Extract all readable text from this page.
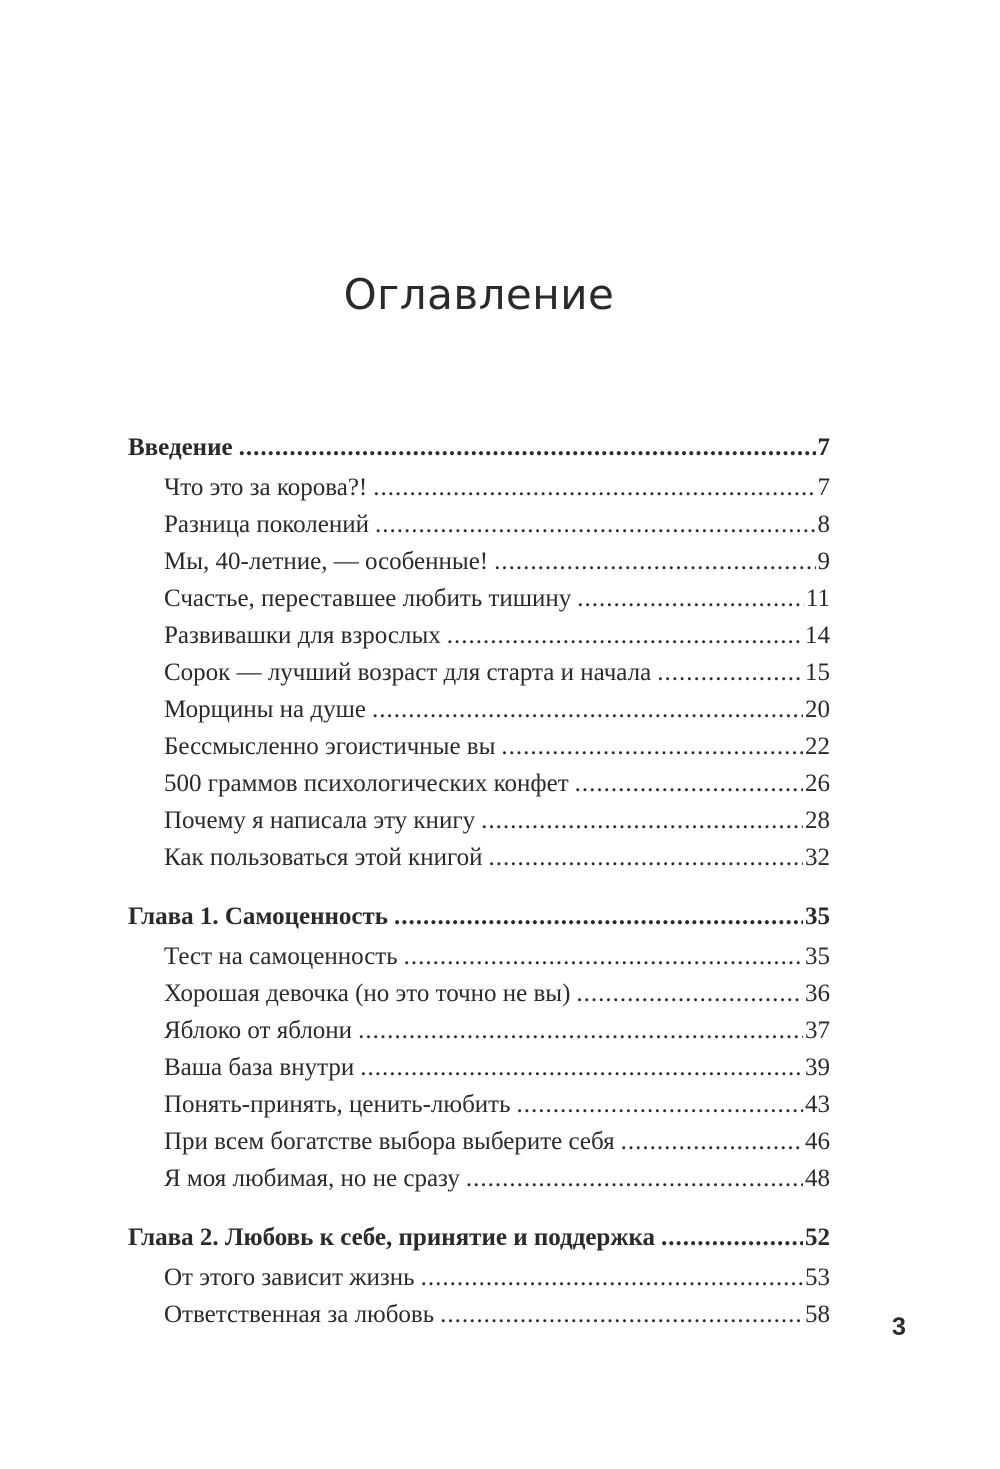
Оглавление
Введение .....	7
Что это за корова?! .....	7
Разница поколений .....	8
Мы, 40-летние, — особенные! .....	9
Счастье, переставшее любить тишину .....	11
Развивашки для взрослых .....	14
Сорок — лучший возраст для старта и начала .....	15
Морщины на душе .....	20
Бессмысленно эгоистичные вы .....	22
500 граммов психологических конфет .....	26
Почему я написала эту книгу .....	28
Как пользоваться этой книгой .....	32
Глава 1. Самоценность .....	35
Тест на самоценность .....	35
Хорошая девочка (но это точно не вы) .....	36
Яблоко от яблони .....	37
Ваша база внутри .....	39
Понять-принять, ценить-любить .....	43
При всем богатстве выбора выберите себя .....	46
Я моя любимая, но не сразу .....	48
Глава 2. Любовь к себе, принятие и поддержка .....	52
От этого зависит жизнь .....	53
Ответственная за любовь .....	58 3
